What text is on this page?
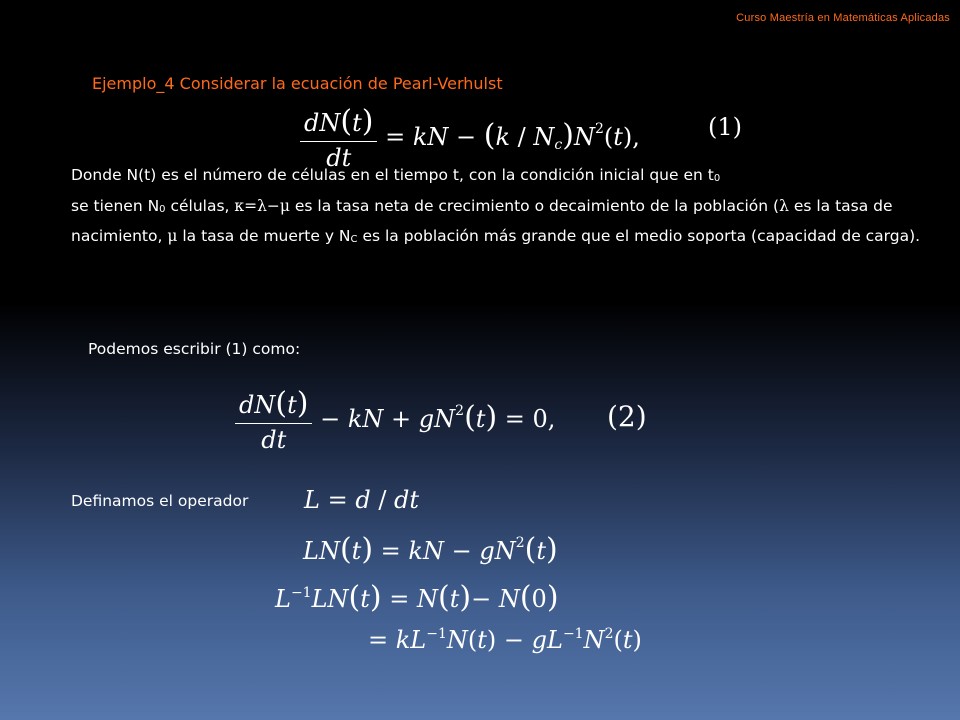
Curso Maestría en Matemáticas Aplicadas
Ejemplo_4 Considerar la ecuación de Pearl-Verhulst
$\frac{dN(t)}{dt}$ = kN − $(k / N_c)N^2(t)$,	(1)
Donde N(t) es el número de células en el tiempo t, con la condición inicial que en $t_0$
se tienen $N_0$ células, κ=λ−μ es la tasa neta de crecimiento o decaimiento de la población (λ es la tasa de nacimiento, μ la tasa de muerte y $N_C$ es la población más grande que el medio soporta (capacidad de carga).
Podemos escribir (1) como:
$\frac{dN(t)}{dt}$ − kN + $gN^2(t) = 0$, (2)
Definamos el operador L = d / dt
LN(t) = kN − $gN^2(t)$
$L^{-1}LN(t) = N(t)- N(0)$
= $kL^{-1}N(t) - gL^{-1}N^2(t)$
